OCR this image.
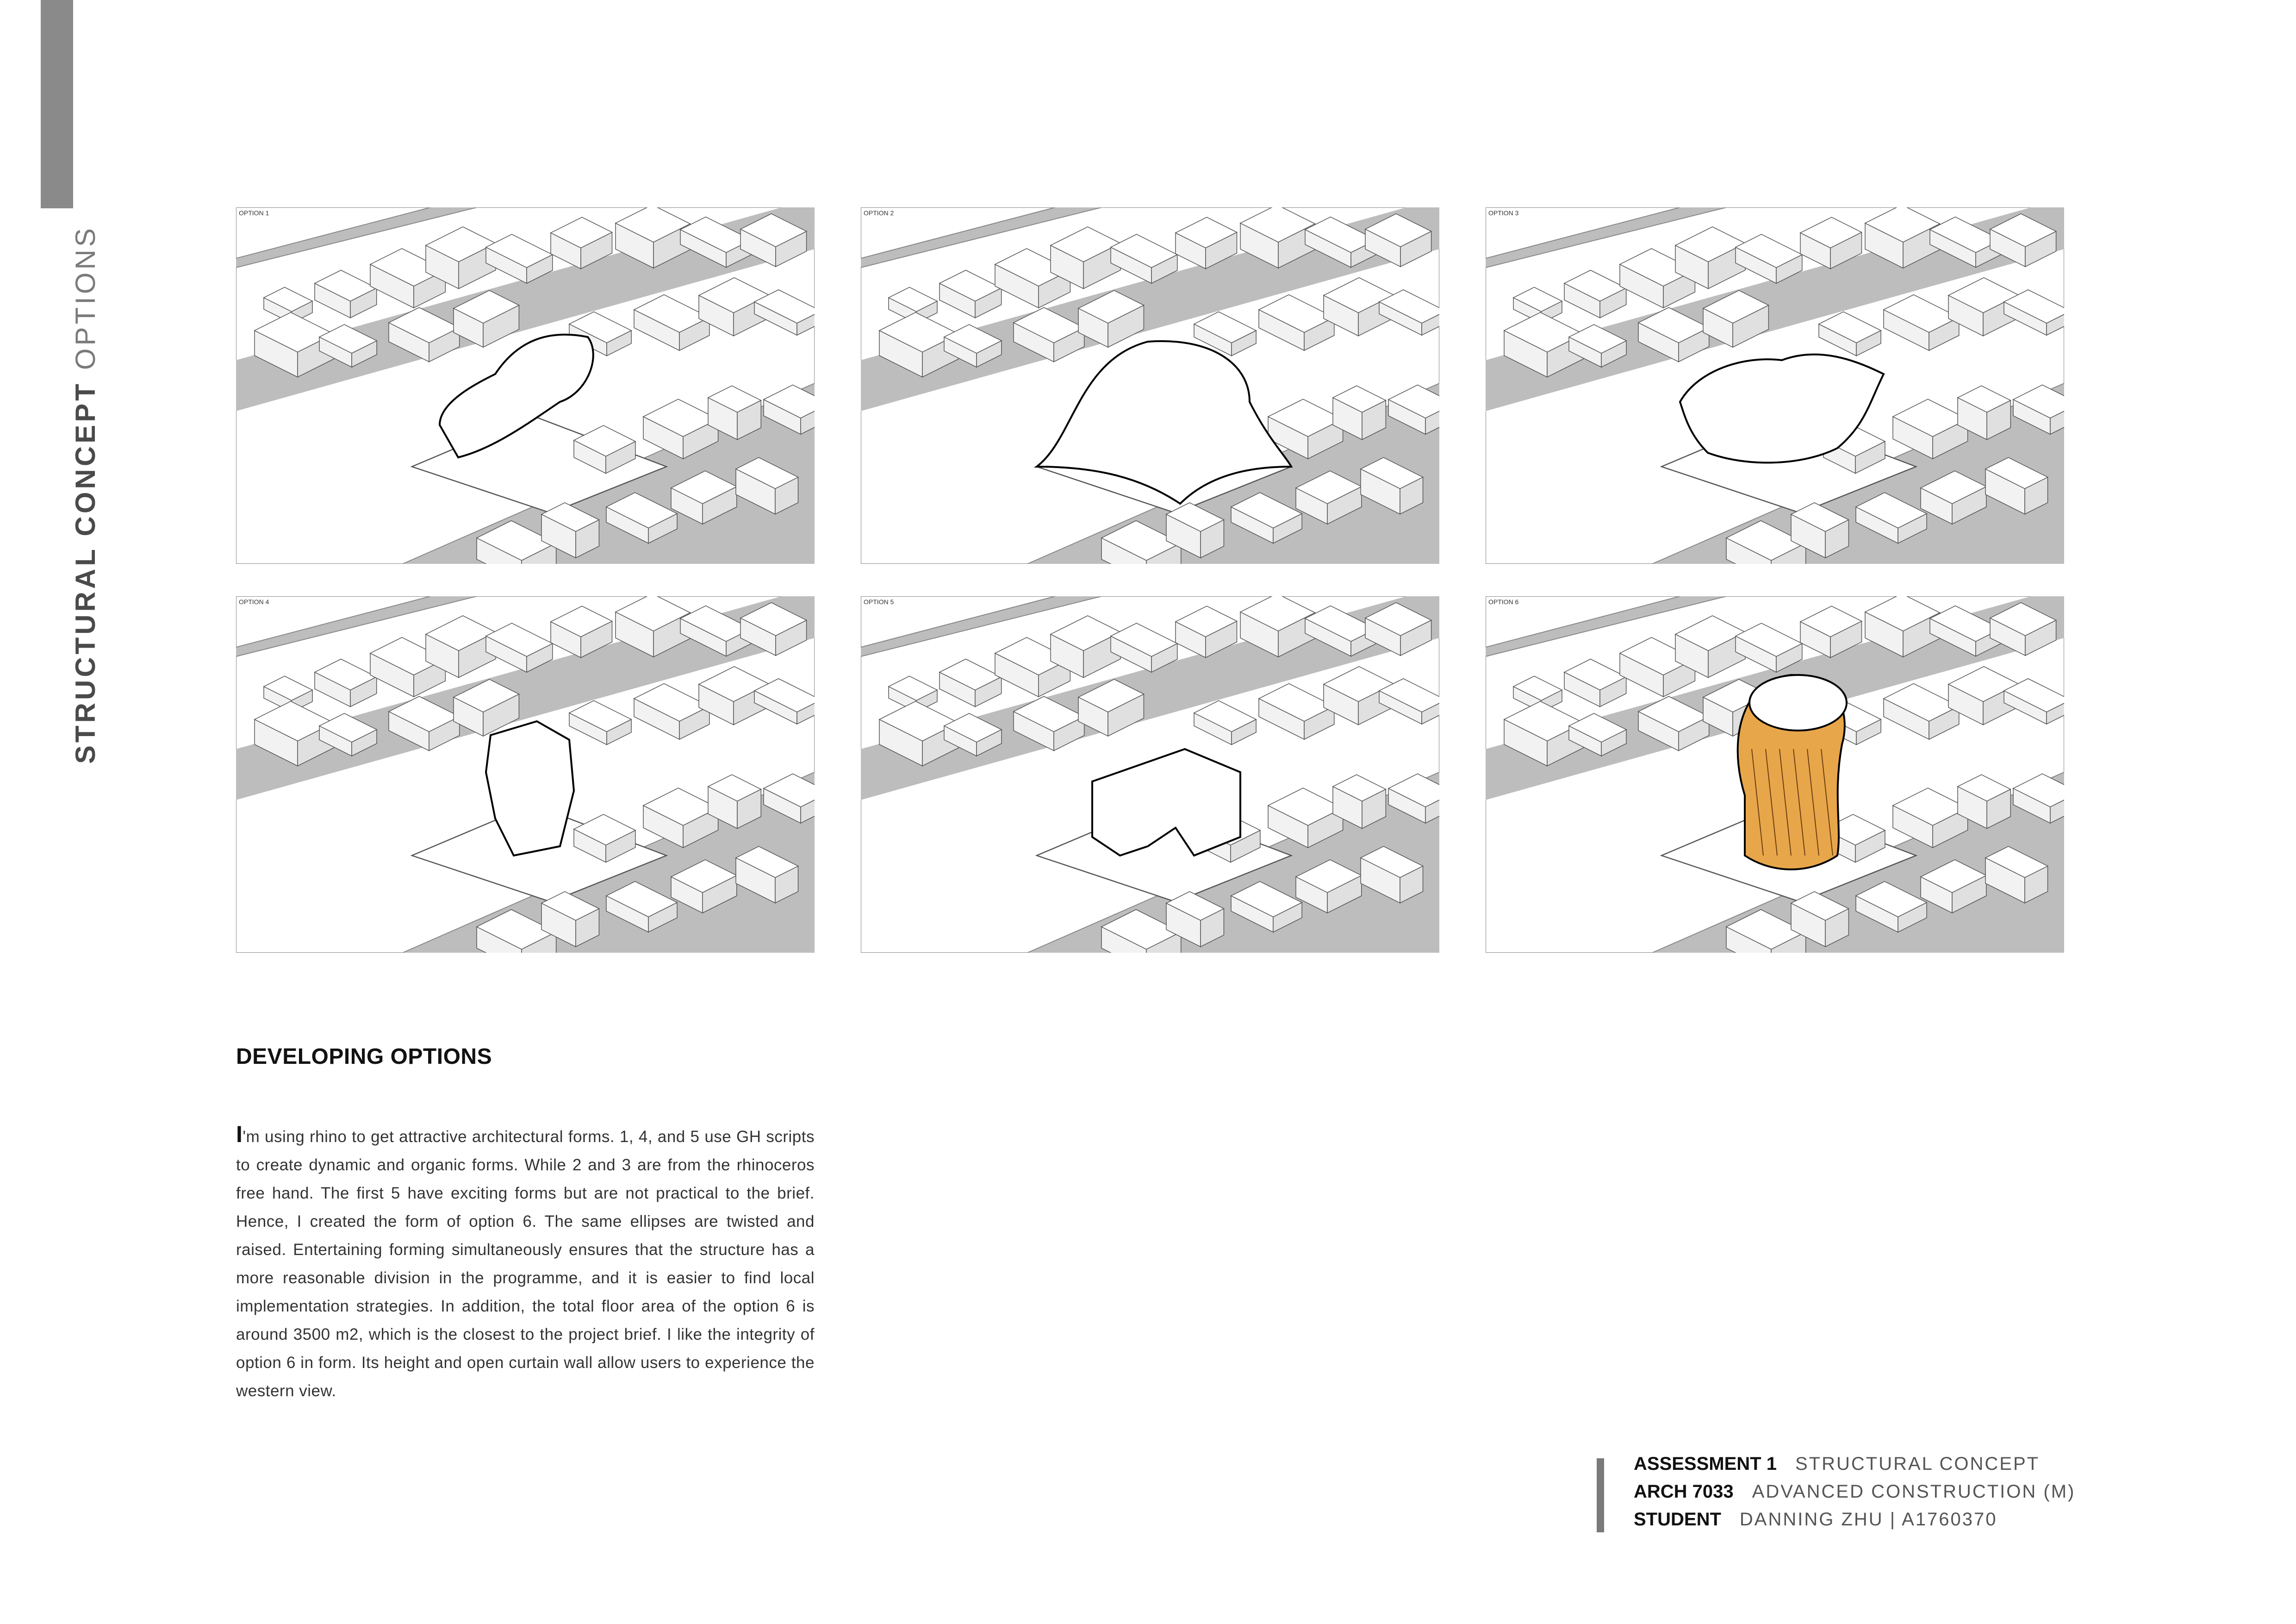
STRUCTURAL CONCEPTOPTIONS
OPTION 1
1
OPTION 2
2
OPTION 3
3
OPTION 4
4
OPTION 5
5
OPTION 6
6
DEVELOPING OPTIONS
I'm using rhino to get attractive architectural forms. 1, 4, and 5 use GH scripts to create dynamic and organic forms. While 2 and 3 are from the rhinoceros free hand. The first 5 have exciting forms but are not practical to the brief. Hence, I created the form of option 6. The same ellipses are twisted and raised. Entertaining forming simultaneously ensures that the structure has a more reasonable division in the programme, and it is easier to find local implementation strategies. In addition, the total floor area of the option 6 is around 3500 m2, which is the closest to the project brief. I like the integrity of option 6 in form. Its height and open curtain wall allow users to experience the western view.
ASSESSMENT 1 STRUCTURAL CONCEPT
ARCH 7033 ADVANCED CONSTRUCTION (M)
STUDENT DANNING ZHU | A1760370
